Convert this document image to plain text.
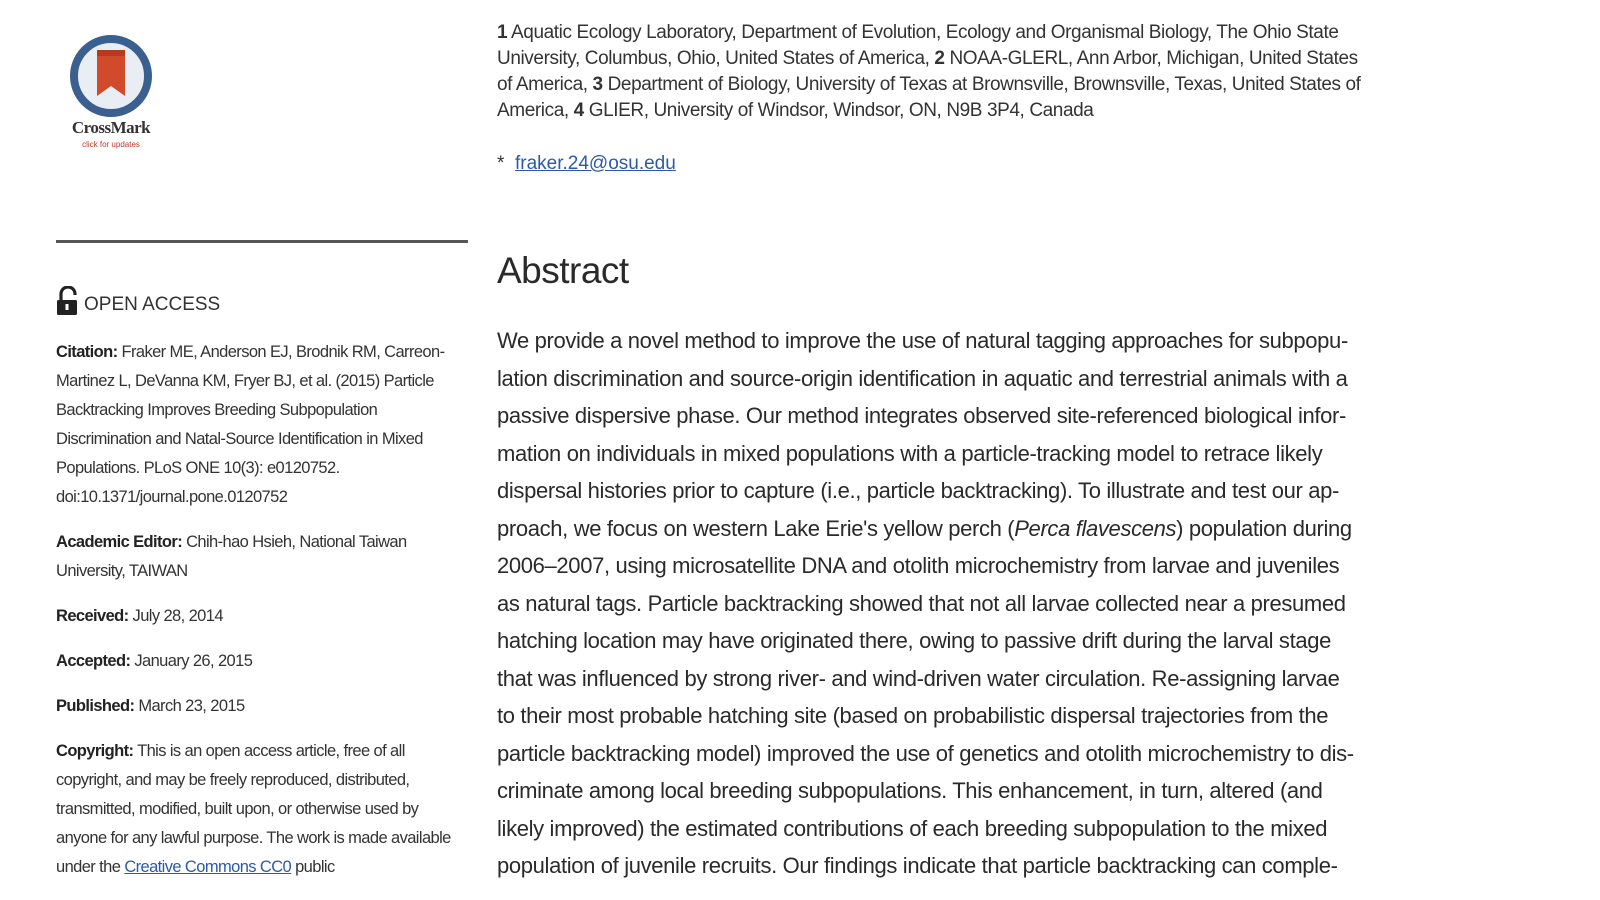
CrossMark
click for updates
1 Aquatic Ecology Laboratory, Department of Evolution, Ecology and Organismal Biology, The Ohio State
University, Columbus, Ohio, United States of America, 2 NOAA-GLERL, Ann Arbor, Michigan, United States
of America, 3 Department of Biology, University of Texas at Brownsville, Brownsville, Texas, United States of
America, 4 GLIER, University of Windsor, Windsor, ON, N9B 3P4, Canada
* fraker.24@osu.edu
OPEN ACCESS

Citation: Fraker ME, Anderson EJ, Brodnik RM, Carreon-Martinez L, DeVanna KM, Fryer BJ, et al. (2015) Particle Backtracking Improves Breeding Subpopulation Discrimination and Natal-Source Identification in Mixed Populations. PLoS ONE 10(3): e0120752. doi:10.1371/journal.pone.0120752

Academic Editor: Chih-hao Hsieh, National Taiwan University, TAIWAN

Received: July 28, 2014

Accepted: January 26, 2015

Published: March 23, 2015

Copyright: This is an open access article, free of all copyright, and may be freely reproduced, distributed, transmitted, modified, built upon, or otherwise used by anyone for any lawful purpose. The work is made available under the Creative Commons CC0 public

Abstract
We provide a novel method to improve the use of natural tagging approaches for subpopu-
lation discrimination and source-origin identification in aquatic and terrestrial animals with a
passive dispersive phase. Our method integrates observed site-referenced biological infor-
mation on individuals in mixed populations with a particle-tracking model to retrace likely
dispersal histories prior to capture (i.e., particle backtracking). To illustrate and test our ap-
proach, we focus on western Lake Erie's yellow perch (Perca flavescens) population during
2006–2007, using microsatellite DNA and otolith microchemistry from larvae and juveniles
as natural tags. Particle backtracking showed that not all larvae collected near a presumed
hatching location may have originated there, owing to passive drift during the larval stage
that was influenced by strong river- and wind-driven water circulation. Re-assigning larvae
to their most probable hatching site (based on probabilistic dispersal trajectories from the
particle backtracking model) improved the use of genetics and otolith microchemistry to dis-
criminate among local breeding subpopulations. This enhancement, in turn, altered (and
likely improved) the estimated contributions of each breeding subpopulation to the mixed
population of juvenile recruits. Our findings indicate that particle backtracking can comple-
